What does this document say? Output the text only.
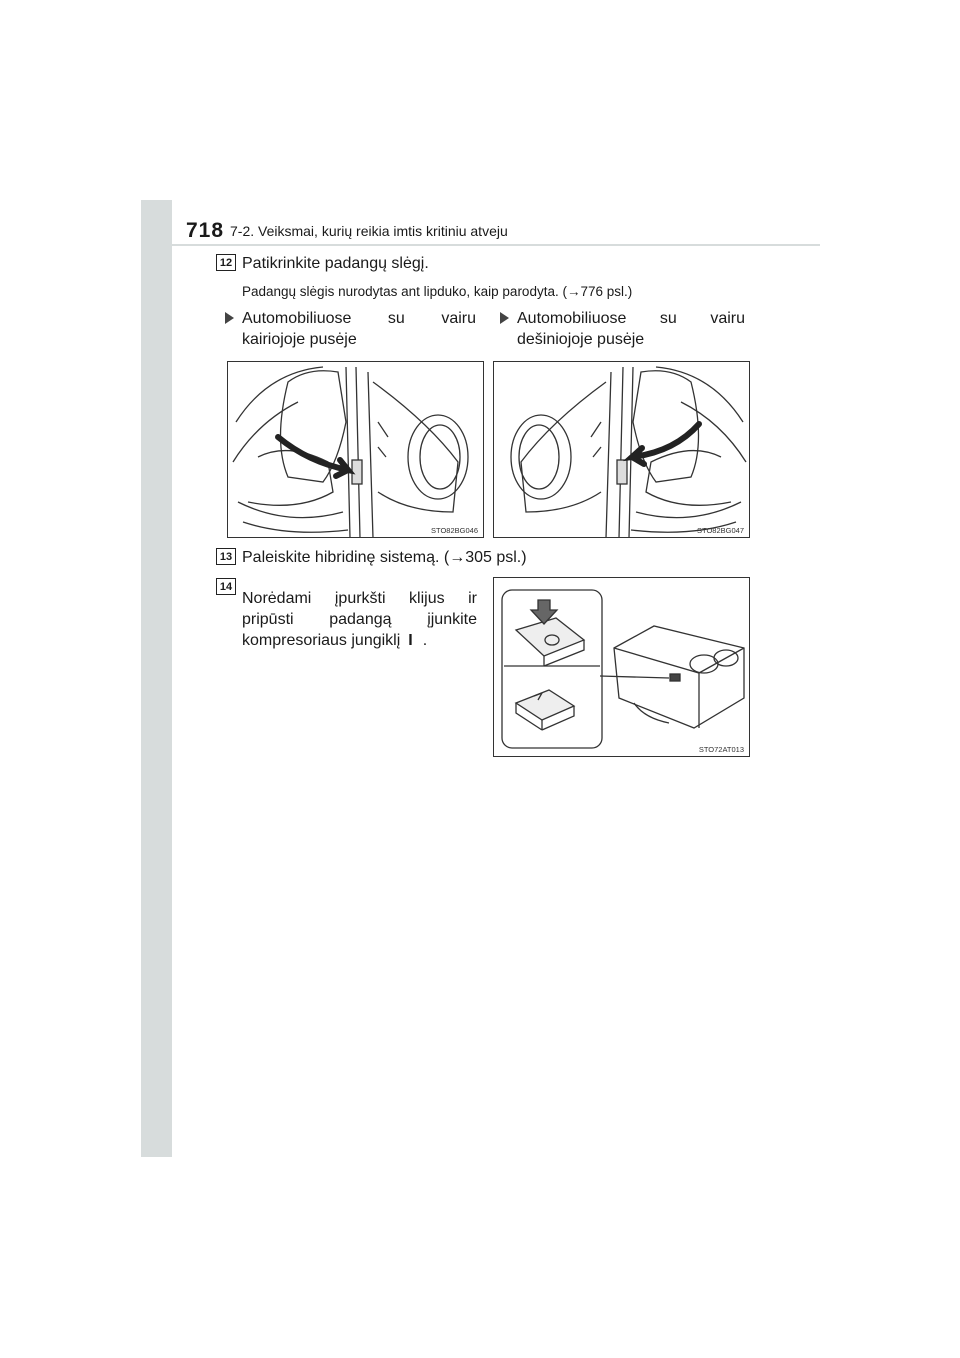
718 7-2. Veiksmai, kurių reikia imtis kritiniu atveju
12 Patikrinkite padangų slėgį.
Padangų slėgis nurodytas ant lipduko, kaip parodyta. (→776 psl.)
Automobiliuose su vairu
kairiojoje pusėje
Automobiliuose su vairu
dešiniojoje pusėje
STO82BG046	STO82BG047
13 Paleiskite hibridinę sistemą. (→305 psl.)
14
Norėdami įpurkšti klijus ir
pripūsti padangą įjunkite
kompresoriaus jungiklį I .
STO72AT013
